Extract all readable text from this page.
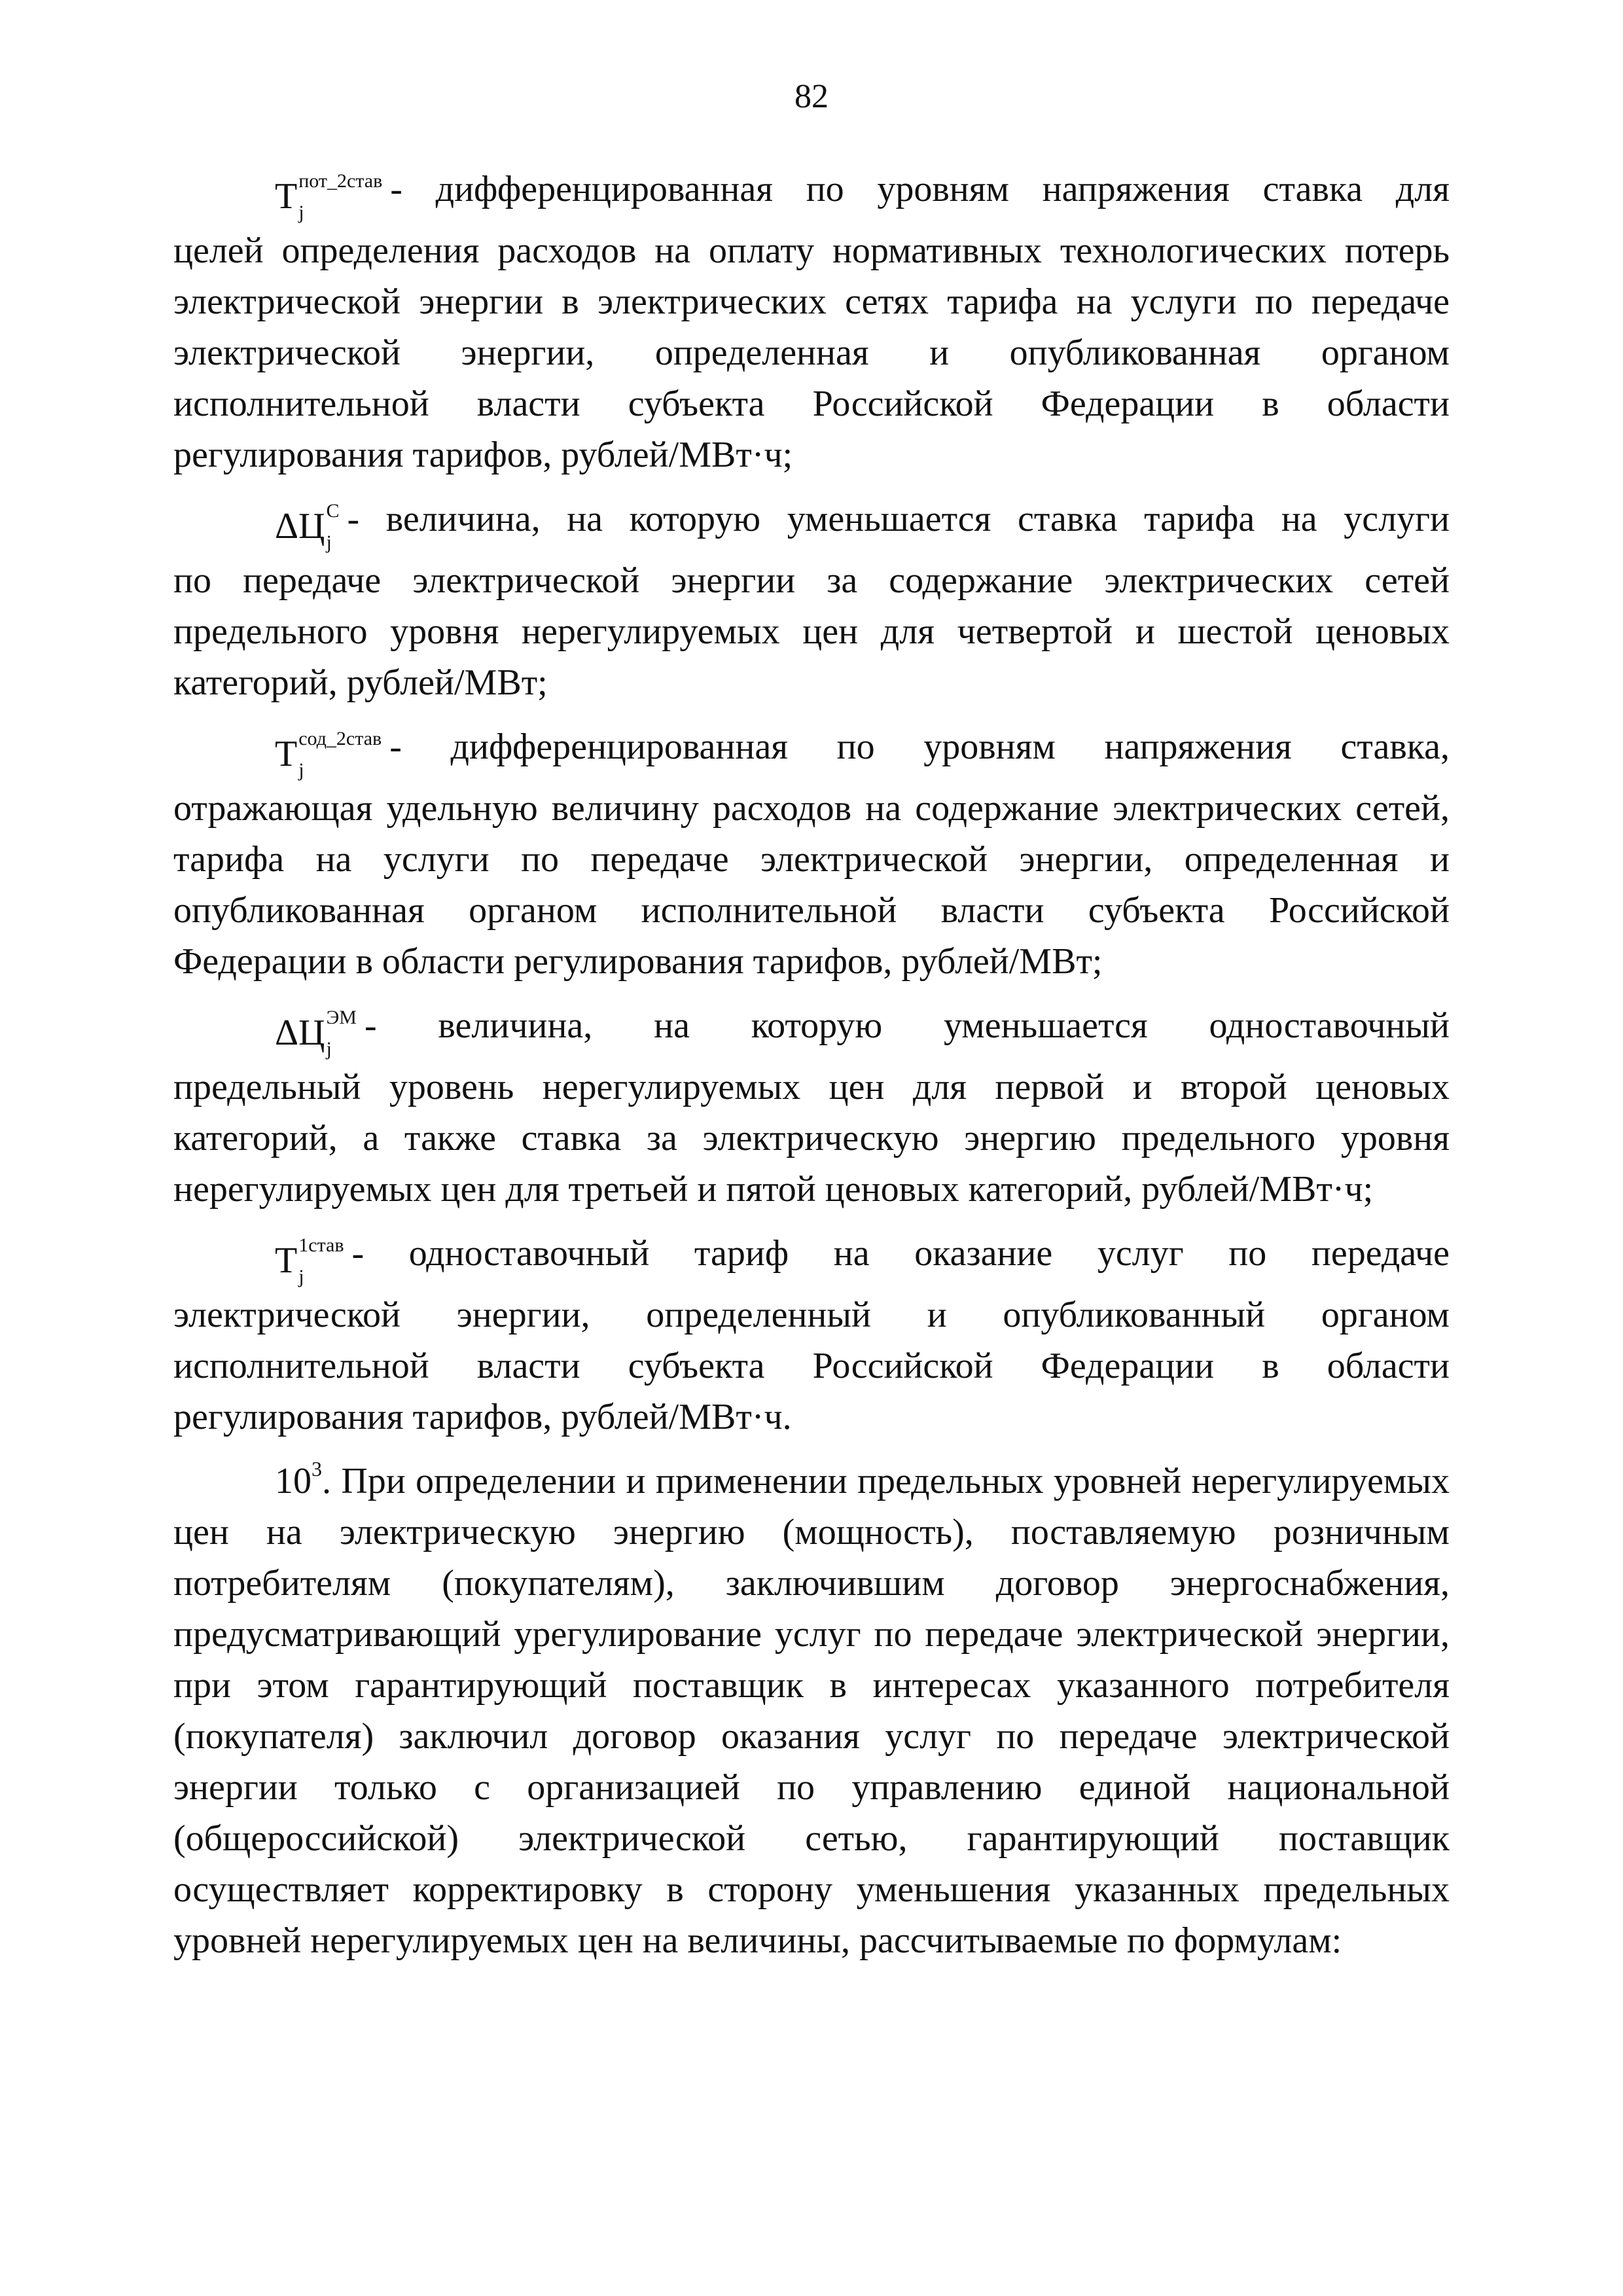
82
T пот_2став
j
- дифференцированная по уровням напряжения ставка для

целей определения расходов на оплату нормативных технологических потерь электрической энергии в электрических сетях тарифа на услуги по передаче электрической энергии, определенная и опубликованная органом исполнительной власти субъекта Российской Федерации в области регулирования тарифов, рублей/МВт·ч;

Δ Ц С
j
- величина, на которую уменьшается ставка тарифа на услуги

по передаче электрической энергии за содержание электрических сетей предельного уровня нерегулируемых цен для четвертой и шестой ценовых категорий, рублей/МВт;

T сод_2став
j
- дифференцированная по уровням напряжения ставка,

отражающая удельную величину расходов на содержание электрических сетей, тарифа на услуги по передаче электрической энергии, определенная и опубликованная органом исполнительной власти субъекта Российской Федерации в области регулирования тарифов, рублей/МВт;

Δ Ц ЭМ
j
- величина, на которую уменьшается одноставочный

предельный уровень нерегулируемых цен для первой и второй ценовых категорий, а также ставка за электрическую энергию предельного уровня нерегулируемых цен для третьей и пятой ценовых категорий, рублей/МВт·ч;

T 1став
j
- одноставочный тариф на оказание услуг по передаче

электрической энергии, определенный и опубликованный органом исполнительной власти субъекта Российской Федерации в области регулирования тарифов, рублей/МВт·ч.

$10^3$. При определении и применении предельных уровней нерегулируемых цен на электрическую энергию (мощность), поставляемую розничным потребителям (покупателям), заключившим договор энергоснабжения, предусматривающий урегулирование услуг по передаче электрической энергии, при этом гарантирующий поставщик в интересах указанного потребителя (покупателя) заключил договор оказания услуг по передаче электрической энергии только с организацией по управлению единой национальной (общероссийской) электрической сетью, гарантирующий поставщик осуществляет корректировку в сторону уменьшения указанных предельных уровней нерегулируемых цен на величины, рассчитываемые по формулам:
